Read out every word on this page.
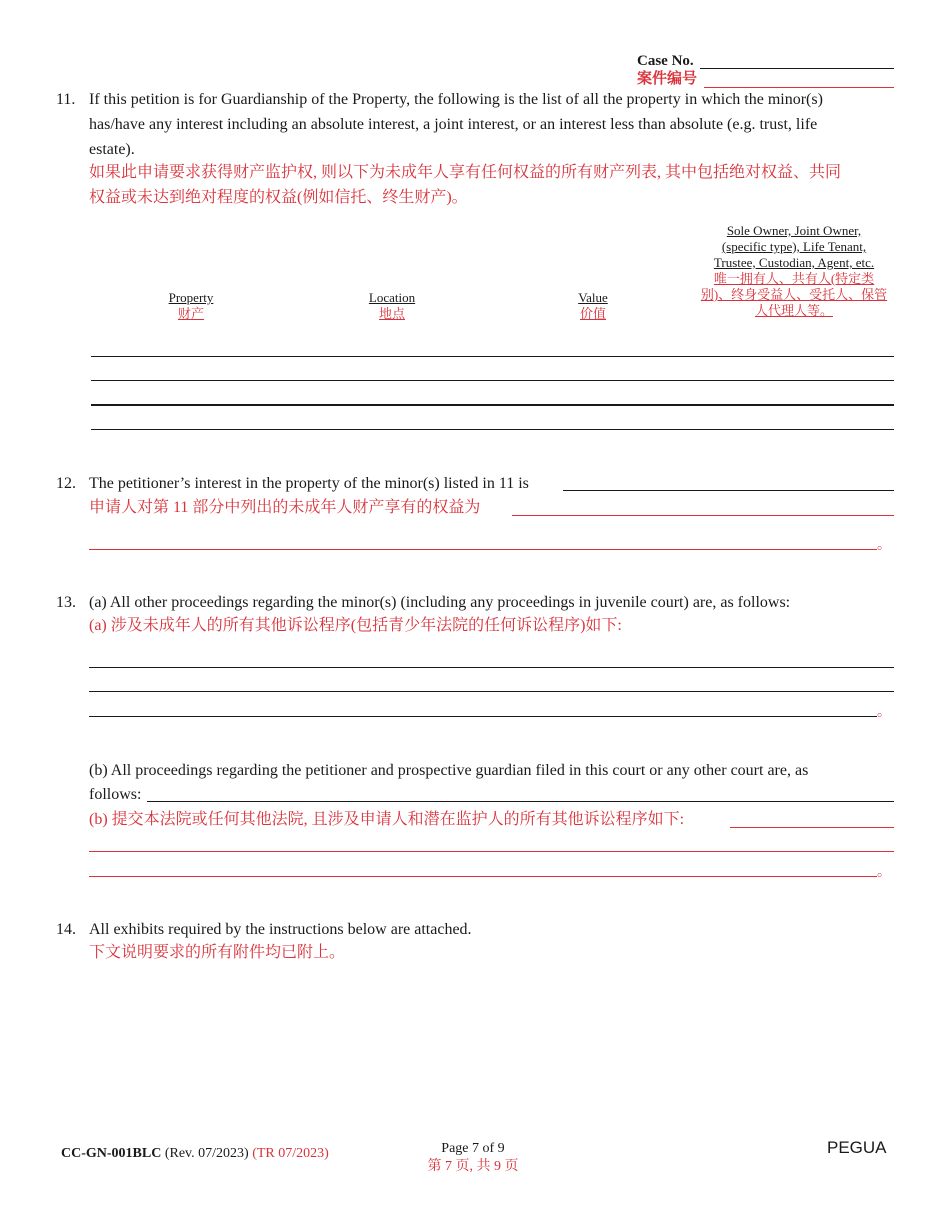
Case No.
案件编号
11. If this petition is for Guardianship of the Property, the following is the list of all the property in which the minor(s)
has/have any interest including an absolute interest, a joint interest, or an interest less than absolute (e.g. trust, life
estate).
如果此申请要求获得财产监护权, 则以下为未成年人享有任何权益的所有财产列表, 其中包括绝对权益、共同
权益或未达到绝对程度的权益(例如信托、终生财产)。
Property
财产
Location
地点
Value
价值
Sole Owner, Joint Owner,
(specific type), Life Tenant,
Trustee, Custodian, Agent, etc.
唯一拥有人、共有人(特定类
别)、终身受益人、受托人、保管
人代理人等。
12. The petitioner’s interest in the property of the minor(s) listed in 11 is
申请人对第 11 部分中列出的未成年人财产享有的权益为
。
13. (a) All other proceedings regarding the minor(s) (including any proceedings in juvenile court) are, as follows:
(a) 涉及未成年人的所有其他诉讼程序(包括青少年法院的任何诉讼程序)如下:
。
(b) All proceedings regarding the petitioner and prospective guardian filed in this court or any other court are, as
follows:
(b) 提交本法院或任何其他法院, 且涉及申请人和潜在监护人的所有其他诉讼程序如下:
。
14. All exhibits required by the instructions below are attached.
下文说明要求的所有附件均已附上。
CC-GN-001BLC (Rev. 07/2023) (TR 07/2023)	Page 7 of 9
第 7 页, 共 9 页
PEGUA
